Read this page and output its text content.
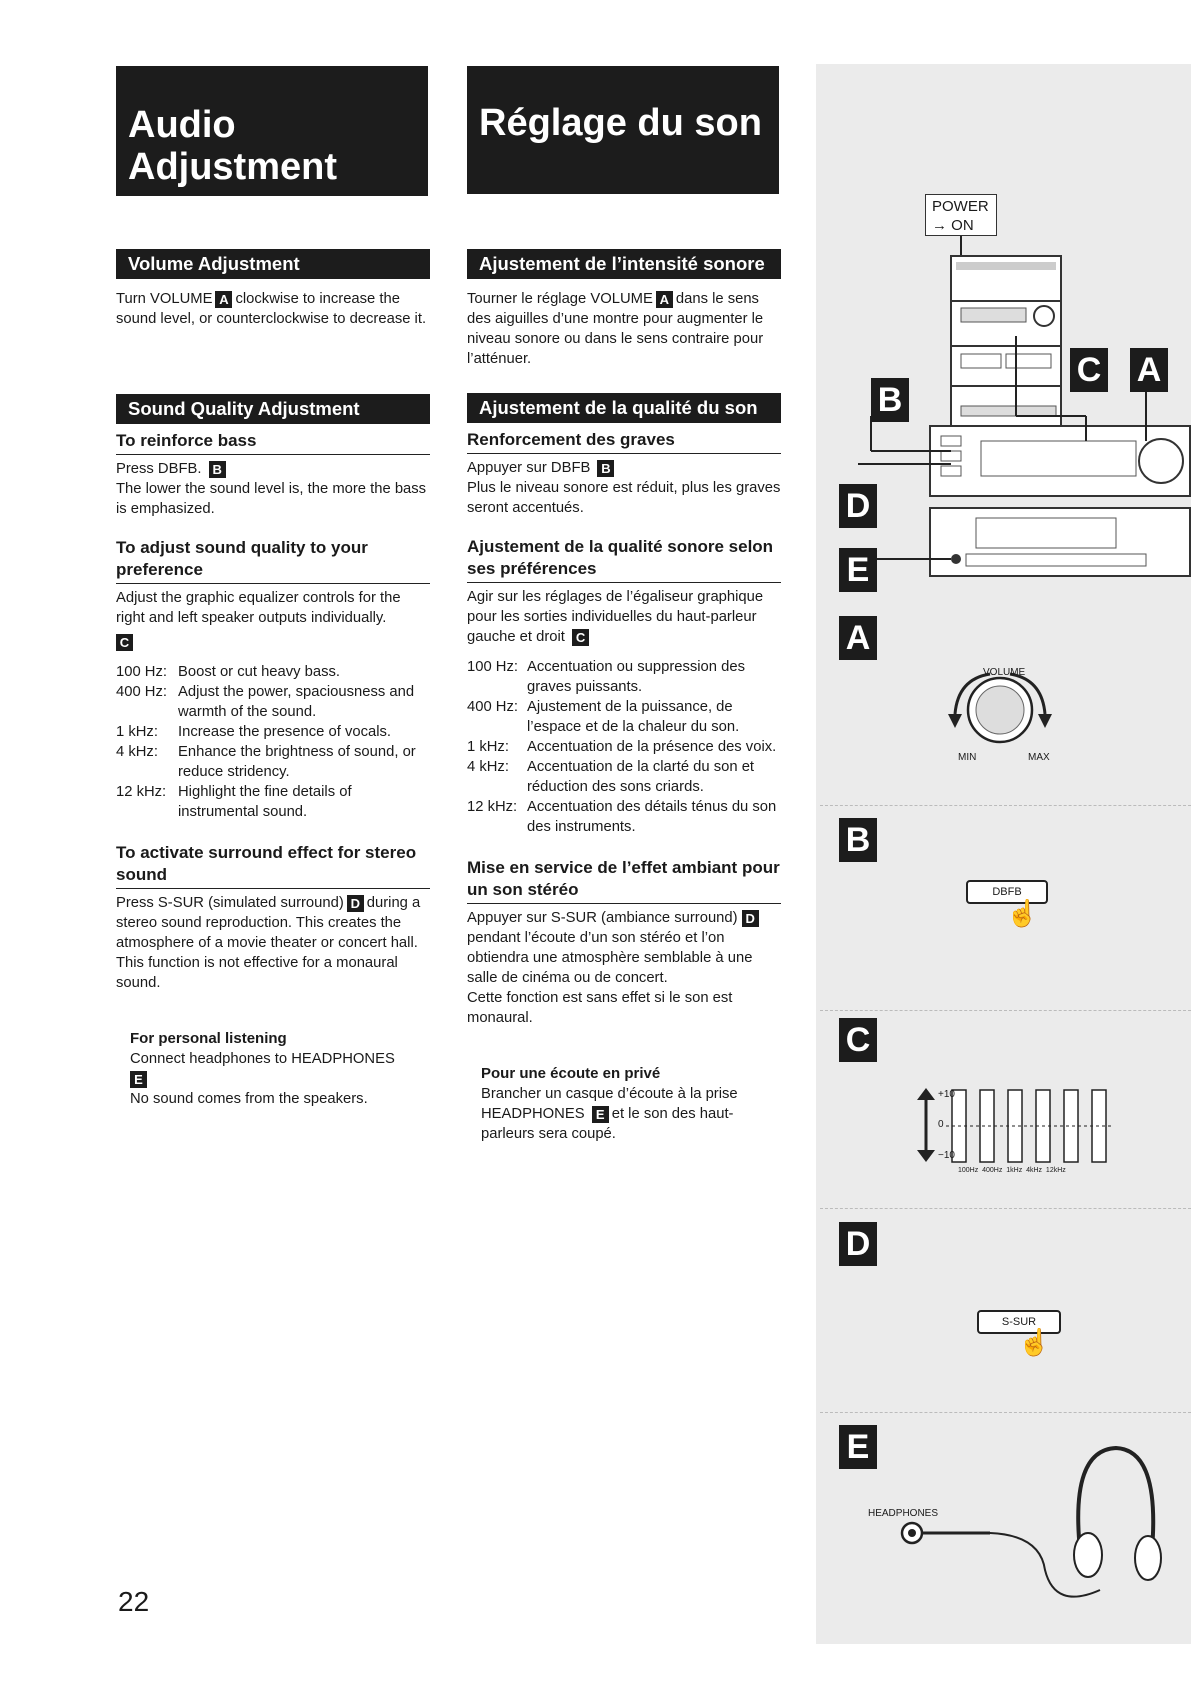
Audio Adjustment
Volume Adjustment

Turn VOLUME A clockwise to increase the sound level, or counterclockwise to decrease it.

Sound Quality Adjustment
To reinforce bass

Press DBFB. B

The lower the sound level is, the more the bass is emphasized.

To adjust sound quality to your preference

Adjust the graphic equalizer controls for the right and left speaker outputs individually.

C

100 Hz: Boost or cut heavy bass.
400 Hz: Adjust the power, spaciousness and warmth of the sound.
1 kHz:	Increase the presence of vocals.
4 kHz:	Enhance the brightness of sound, or reduce stridency.
12 kHz: Highlight the fine details of instrumental sound.
To activate surround effect for stereo sound

Press S-SUR (simulated surround) D during a stereo sound reproduction. This creates the atmosphere of a movie theater or concert hall.

This function is not effective for a monaural sound.

For personal listening

Connect headphones to HEADPHONES
E

No sound comes from the speakers.

Réglage du son
Ajustement de l’intensité sonore

Tourner le réglage VOLUME A dans le sens des aiguilles d’une montre pour augmenter le niveau sonore ou dans le sens contraire pour l’atténuer.

Ajustement de la qualité du son
Renforcement des graves

Appuyer sur DBFB B

Plus le niveau sonore est réduit, plus les graves seront accentués.

Ajustement de la qualité sonore selon ses préférences

Agir sur les réglages de l’égaliseur graphique pour les sorties individuelles du haut-parleur gauche et droit C

100 Hz: Accentuation ou suppression des graves puissants.
400 Hz: Ajustement de la puissance, de l’espace et de la chaleur du son.
1 kHz:	Accentuation de la présence des voix.
4 kHz:	Accentuation de la clarté du son et réduction des sons criards.
12 kHz: Accentuation des détails ténus du son des instruments.
Mise en service de l’effet ambiant pour un son stéréo

Appuyer sur S-SUR (ambiance surround) Dpendant l’écoute d’un son stéréo et l’on obtiendra une atmosphère semblable à une salle de cinéma ou de concert.

Cette fonction est sans effet si le son est monaural.

Pour une écoute en privé

Brancher un casque d’écoute à la prise HEADPHONES E et le son des haut-parleurs sera coupé.

22
POWER
→ ON
C A
B
D
E
A
VOLUME
MIN	MAX
B
DBFB
☝
C
+10
0
−10
100Hz  400Hz  1kHz  4kHz  12kHz
D
S-SUR
☝
E
HEADPHONES
